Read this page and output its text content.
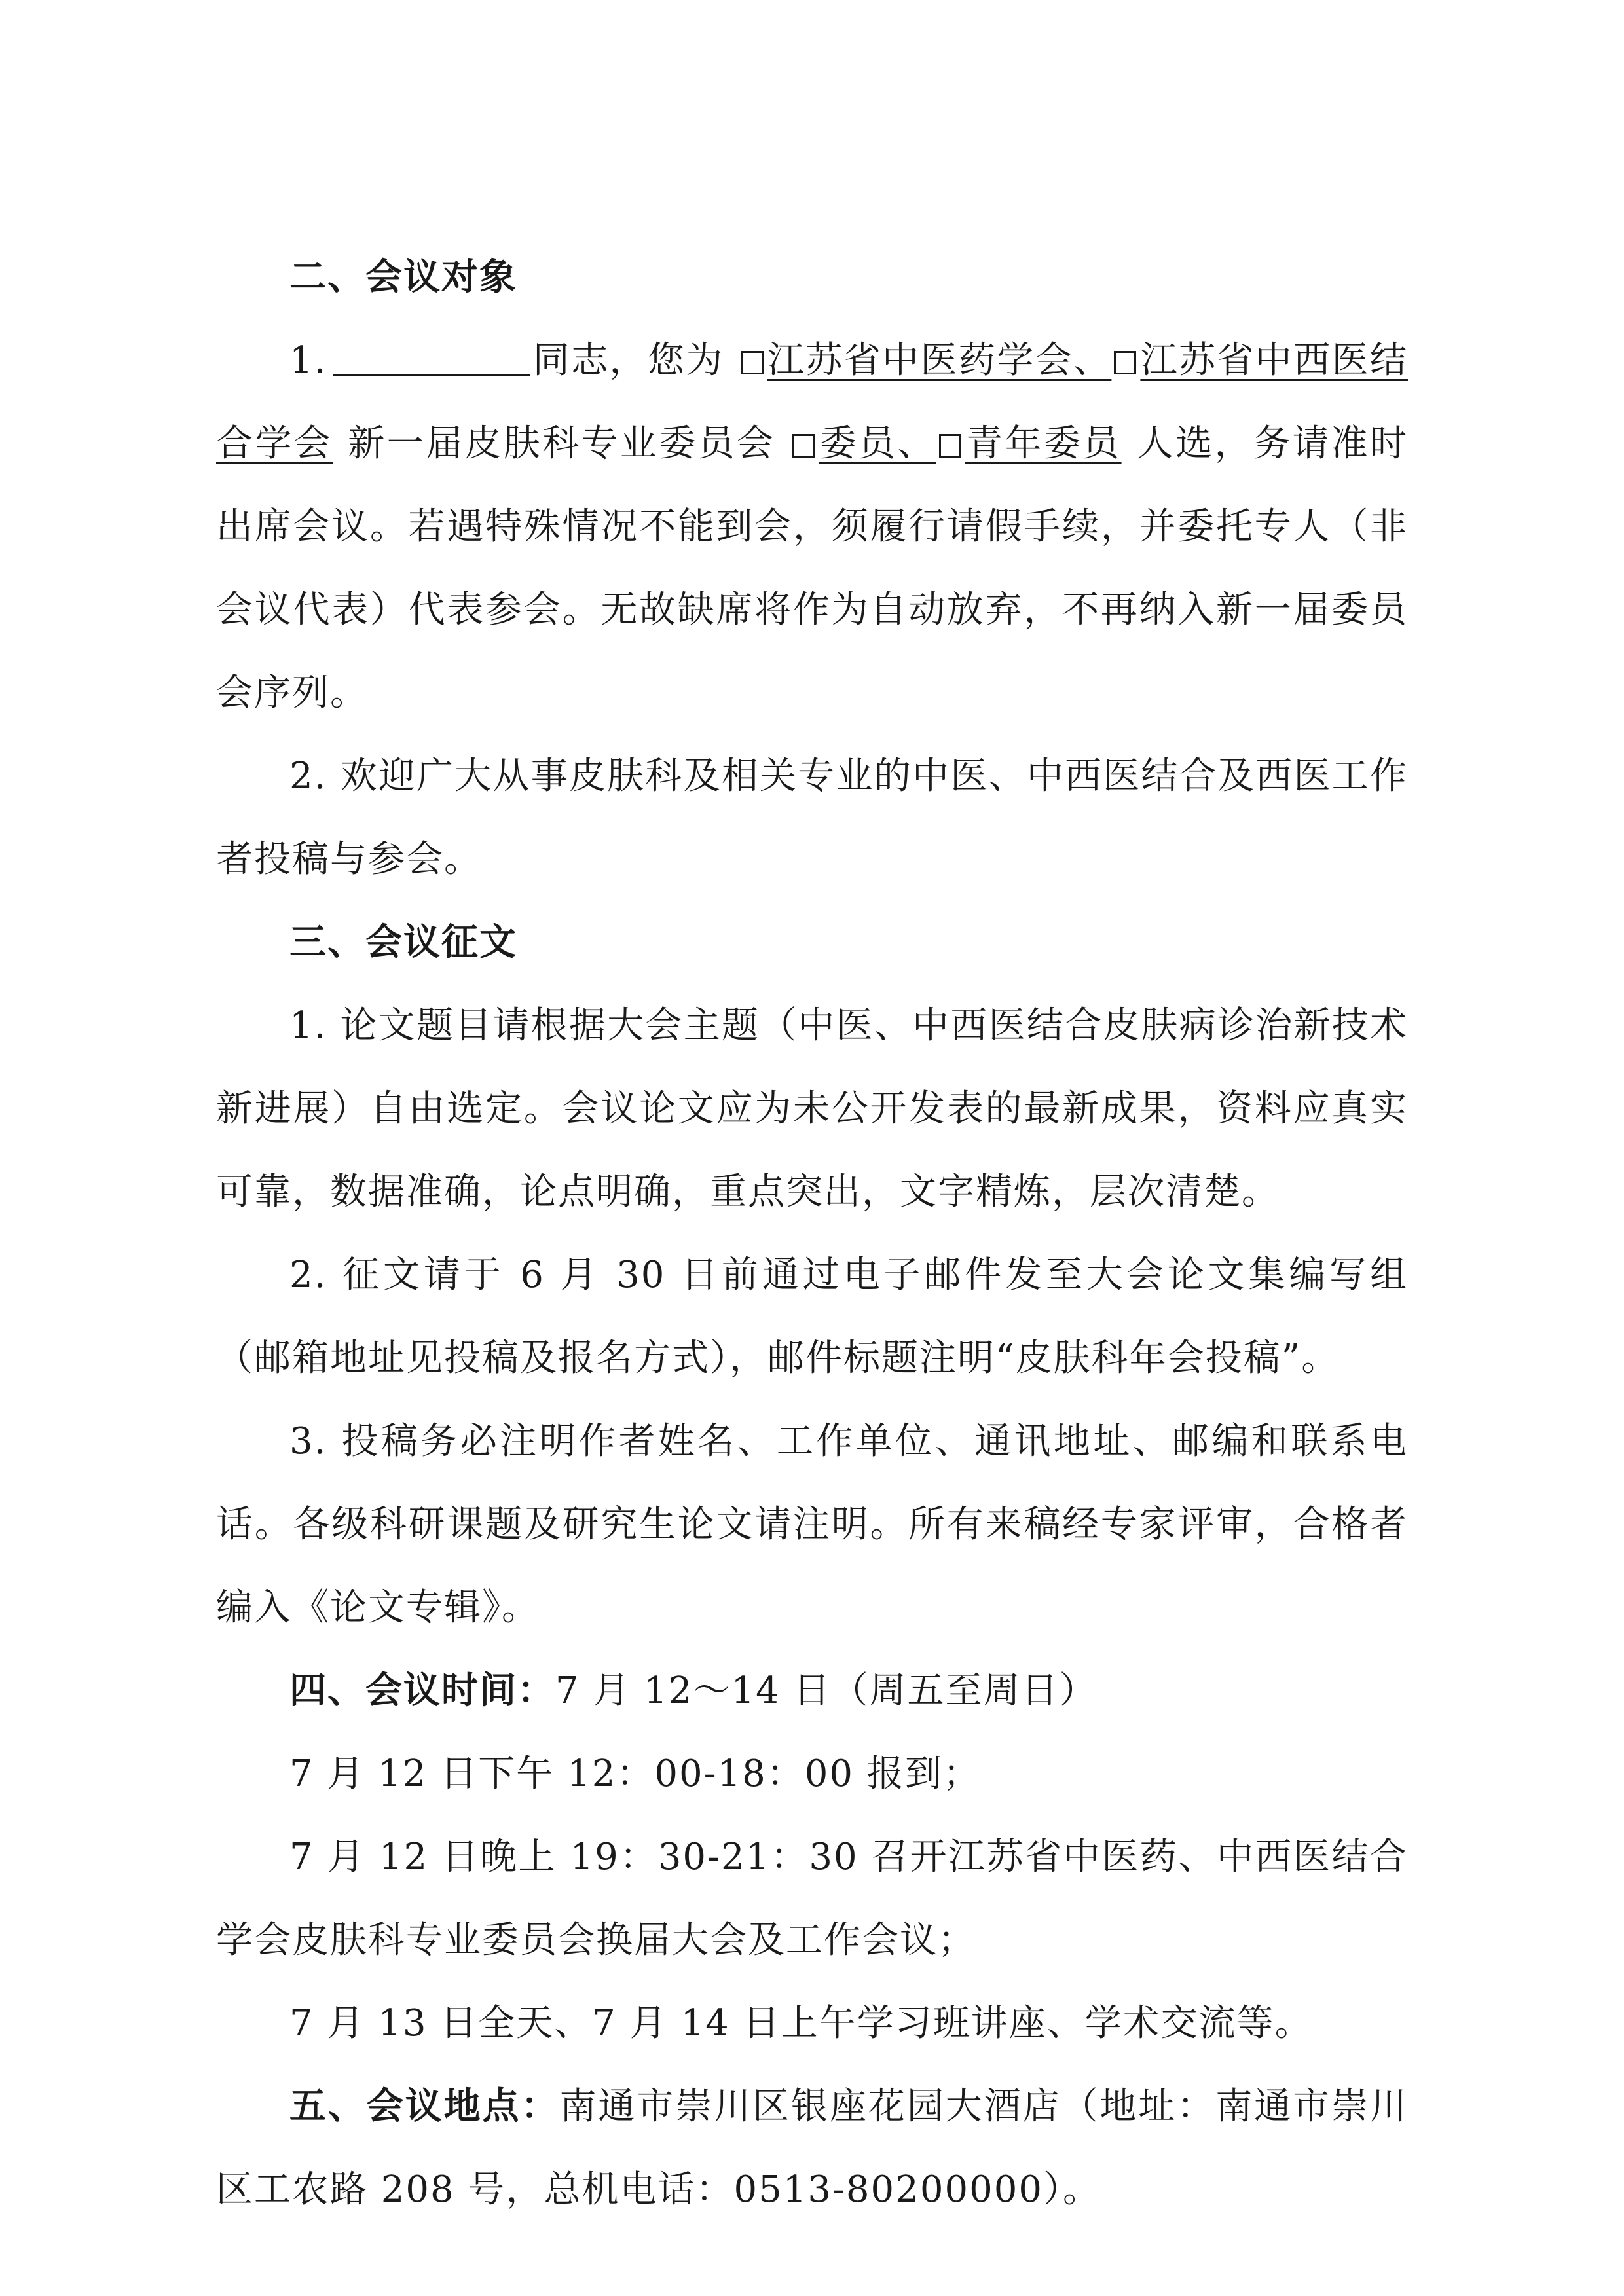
二、会议对象

1.	同志，您为 江苏省中医药学会、 江苏省中西医结合学会 新一届皮肤科专业委员会 委员、 青年委员 人选，务请准时出席会议。若遇特殊情况不能到会，须履行请假手续，并委托专人（非会议代表）代表参会。无故缺席将作为自动放弃，不再纳入新一届委员会序列。

2. 欢迎广大从事皮肤科及相关专业的中医、中西医结合及西医工作者投稿与参会。

三、会议征文

1. 论文题目请根据大会主题（中医、中西医结合皮肤病诊治新技术新进展）自由选定。会议论文应为未公开发表的最新成果，资料应真实可靠，数据准确，论点明确，重点突出，文字精炼，层次清楚。

2. 征文请于 6 月 30 日前通过电子邮件发至大会论文集编写组（邮箱地址见投稿及报名方式），邮件标题注明“皮肤科年会投稿”。

3. 投稿务必注明作者姓名、工作单位、通讯地址、邮编和联系电话。各级科研课题及研究生论文请注明。所有来稿经专家评审，合格者编入《论文专辑》。

四、会议时间：7 月 12～14 日（周五至周日）

7 月 12 日下午 12：00-18：00 报到；

7 月 12 日晚上 19：30-21：30 召开江苏省中医药、中西医结合学会皮肤科专业委员会换届大会及工作会议；

7 月 13 日全天、7 月 14 日上午学习班讲座、学术交流等。

五、会议地点：南通市崇川区银座花园大酒店（地址：南通市崇川区工农路 208 号，总机电话：0513-80200000）。
